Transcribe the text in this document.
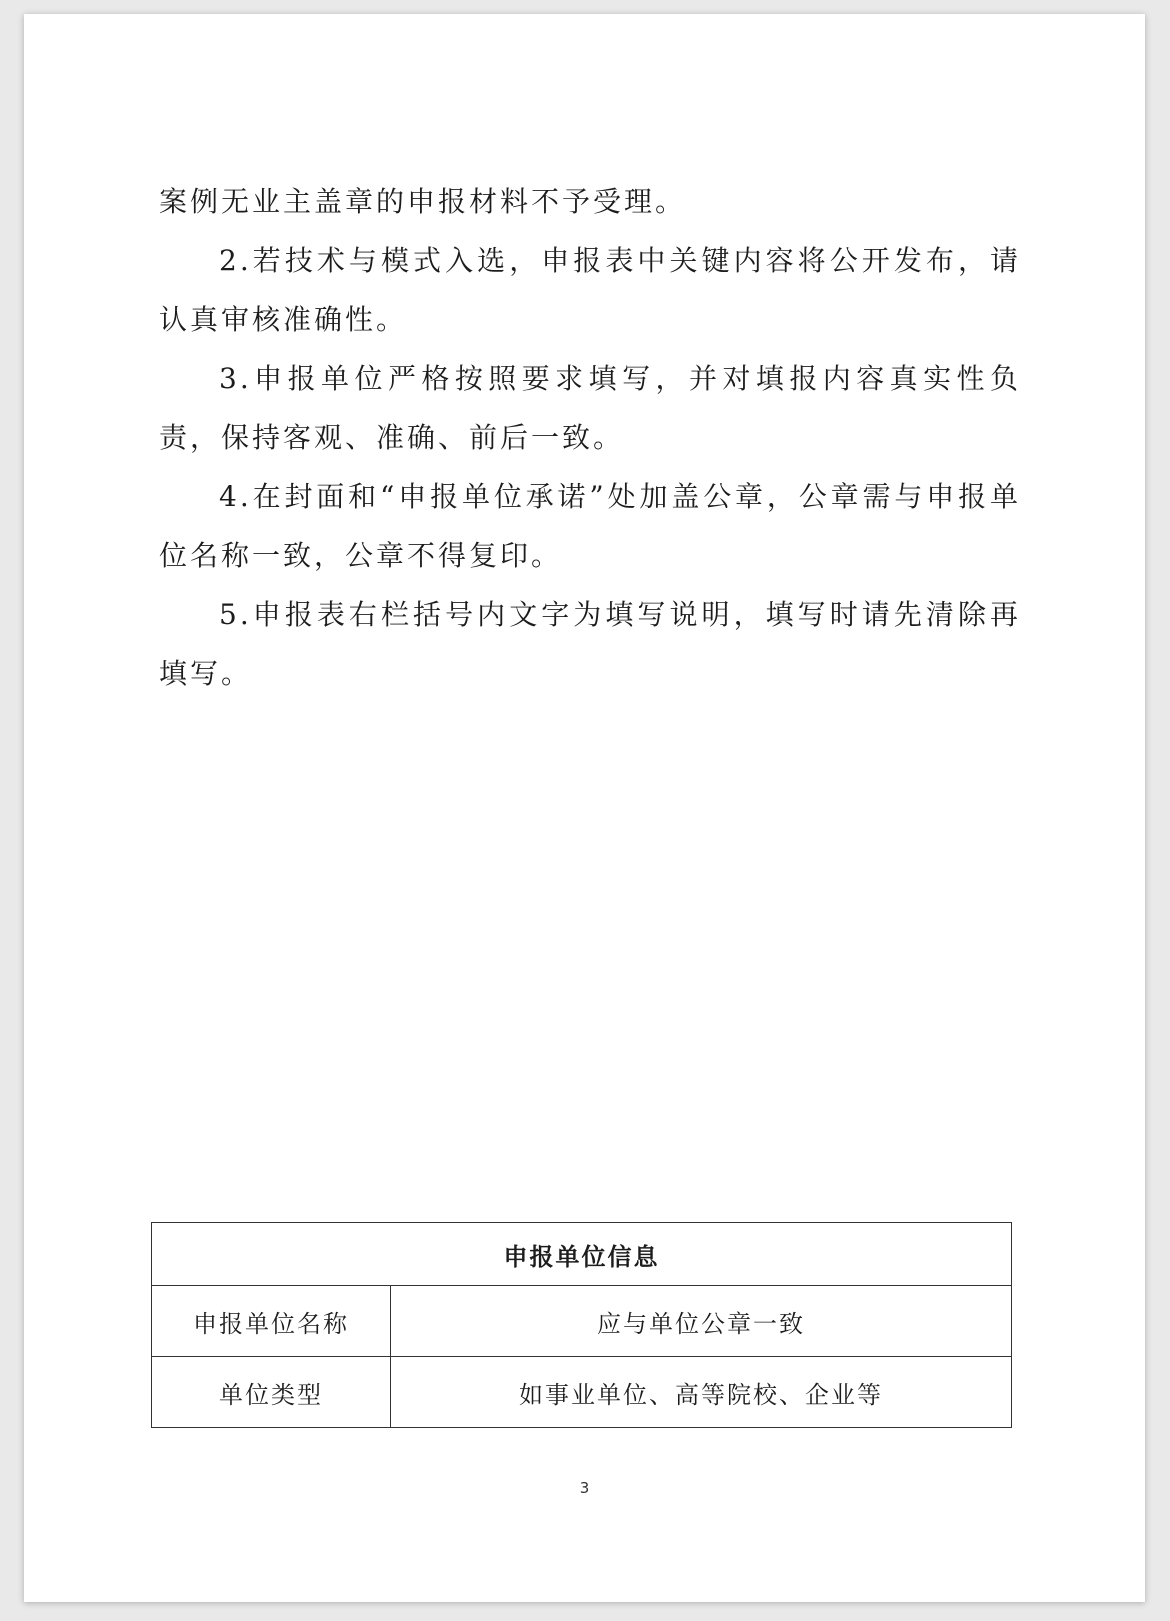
案例无业主盖章的申报材料不予受理。

2.若技术与模式入选，申报表中关键内容将公开发布，请认真审核准确性。

3.申报单位严格按照要求填写，并对填报内容真实性负责，保持客观、准确、前后一致。

4.在封面和“申报单位承诺”处加盖公章，公章需与申报单位名称一致，公章不得复印。

5.申报表右栏括号内文字为填写说明，填写时请先清除再填写。

申报单位信息	
申报单位名称	应与单位公章一致
单位类型	如事业单位、高等院校、企业等
3
